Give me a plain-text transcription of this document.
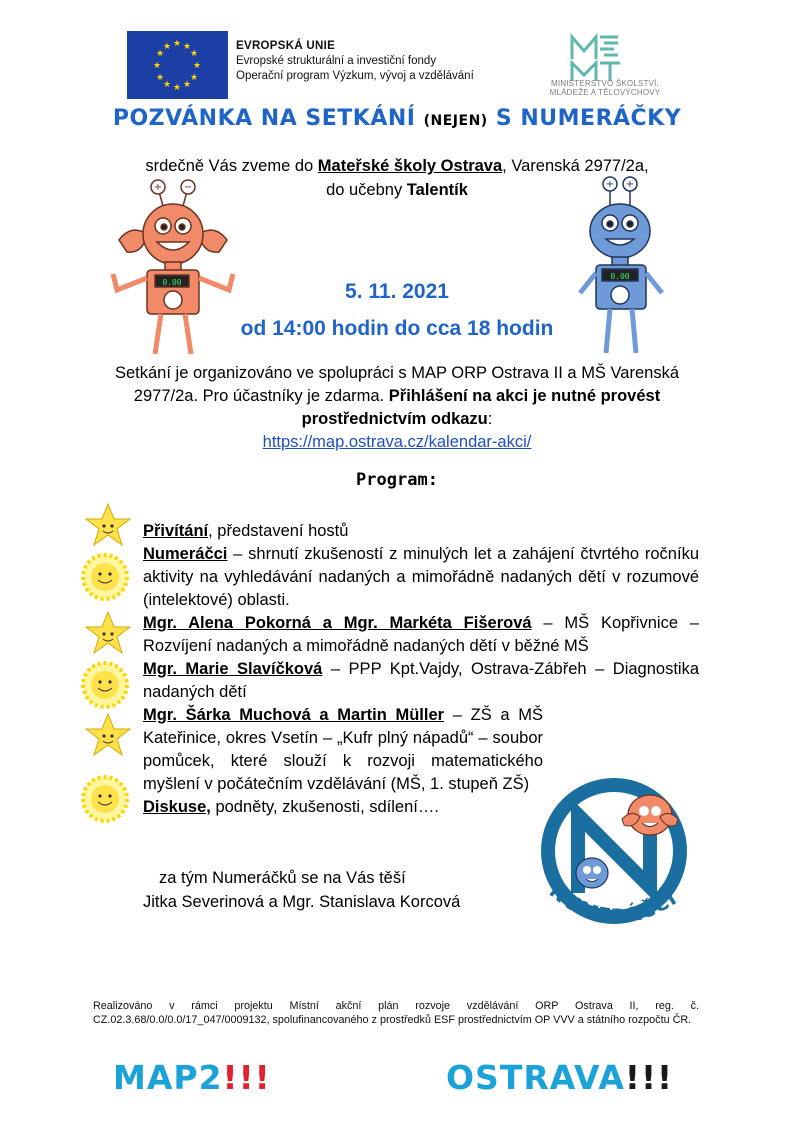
★ ★
★
★
★
★
★
★
★
★
★
★	EVROPSKÁ UNIE
Evropské strukturální a investiční fondy
Operační program Výzkum, vývoj a vzdělávání
MINISTERSTVO ŠKOLSTVÍ,
MLÁDEŽE A TĚLOVÝCHOVY
POZVÁNKA NA SETKÁNÍ (NEJEN) S NUMERÁČKY
srdečně Vás zveme do Mateřské školy Ostrava, Varenská 2977/2a,
do učebny Talentík
0.00
+ −
0.00
+ +
5. 11. 2021
od 14:00 hodin do cca 18 hodin
Setkání je organizováno ve spolupráci s MAP ORP Ostrava II a MŠ Varenská 2977/2a. Pro účastníky je zdarma. Přihlášení na akci je nutné provést prostřednictvím odkazu:
https://map.ostrava.cz/kalendar-akci/
Program:

Přivítání, představení hostů

Numeráčci – shrnutí zkušeností z minulých let a zahájení čtvrtého ročníku aktivity na vyhledávání nadaných a mimořádně nadaných dětí v rozumové (intelektové) oblasti.

Mgr. Alena Pokorná a Mgr. Markéta Fišerová – MŠ Kopřivnice – Rozvíjení nadaných a mimořádně nadaných dětí v běžné MŠ

Mgr. Marie Slavíčková – PPP Kpt.Vajdy, Ostrava-Zábřeh – Diagnostika nadaných dětí

Mgr. Šárka Muchová a Martin Müller – ZŠ a MŠ Kateřinice, okres Vsetín – „Kufr plný nápadů“ – soubor pomůcek, které slouží k rozvoji matematického myšlení v počátečním vzdělávání (MŠ, 1. stupeň ZŠ)

Diskuse, podněty, zkušenosti, sdílení….

za tým Numeráčků se na Vás těší
Jitka Severinová a Mgr. Stanislava Korcová	NUMERÁČCI
Realizováno v rámci projektu Místní akční plán rozvoje vzdělávání ORP Ostrava II, reg. č. CZ.02.3.68/0.0/0.0/17_047/0009132, spolufinancovaného z prostředků ESF prostřednictvím OP VVV a státního rozpočtu ČR.
MAP2!!!	OSTRAVA!!!
